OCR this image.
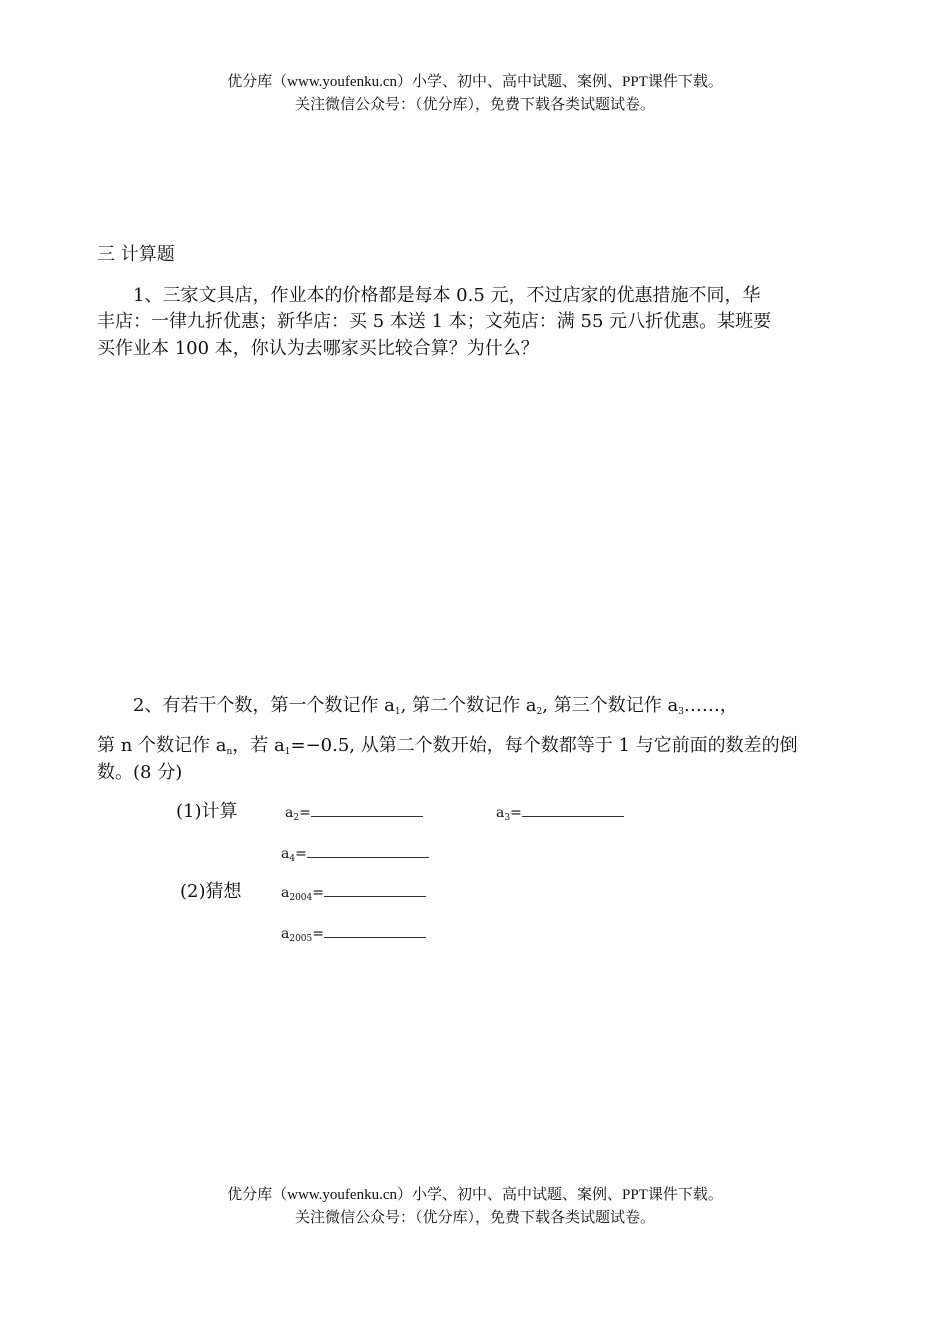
优分库（www.youfenku.cn）小学、初中、高中试题、案例、PPT课件下载。
关注微信公众号：（优分库），免费下载各类试题试卷。
三 计算题
1、三家文具店，作业本的价格都是每本 0.5 元，不过店家的优惠措施不同，华
丰店：一律九折优惠；新华店：买 5 本送 1 本；文苑店：满 55 元八折优惠。某班要
买作业本 100 本，你认为去哪家买比较合算？为什么？
2、有若干个数，第一个数记作 $a_1$, 第二个数记作 $a_2$, 第三个数记作 $a_3\dots\dots$，
第 n 个数记作 $a_n$，若 $a_1=-0.5$, 从第二个数开始，每个数都等于 1 与它前面的数差的倒
数。(8 分)
(1)计算	$a_2=$	$a_3=$
$a_4=$
(2)猜想	$a_{2004}=$
$a_{2005}=$
优分库（www.youfenku.cn）小学、初中、高中试题、案例、PPT课件下载。
关注微信公众号：（优分库），免费下载各类试题试卷。
